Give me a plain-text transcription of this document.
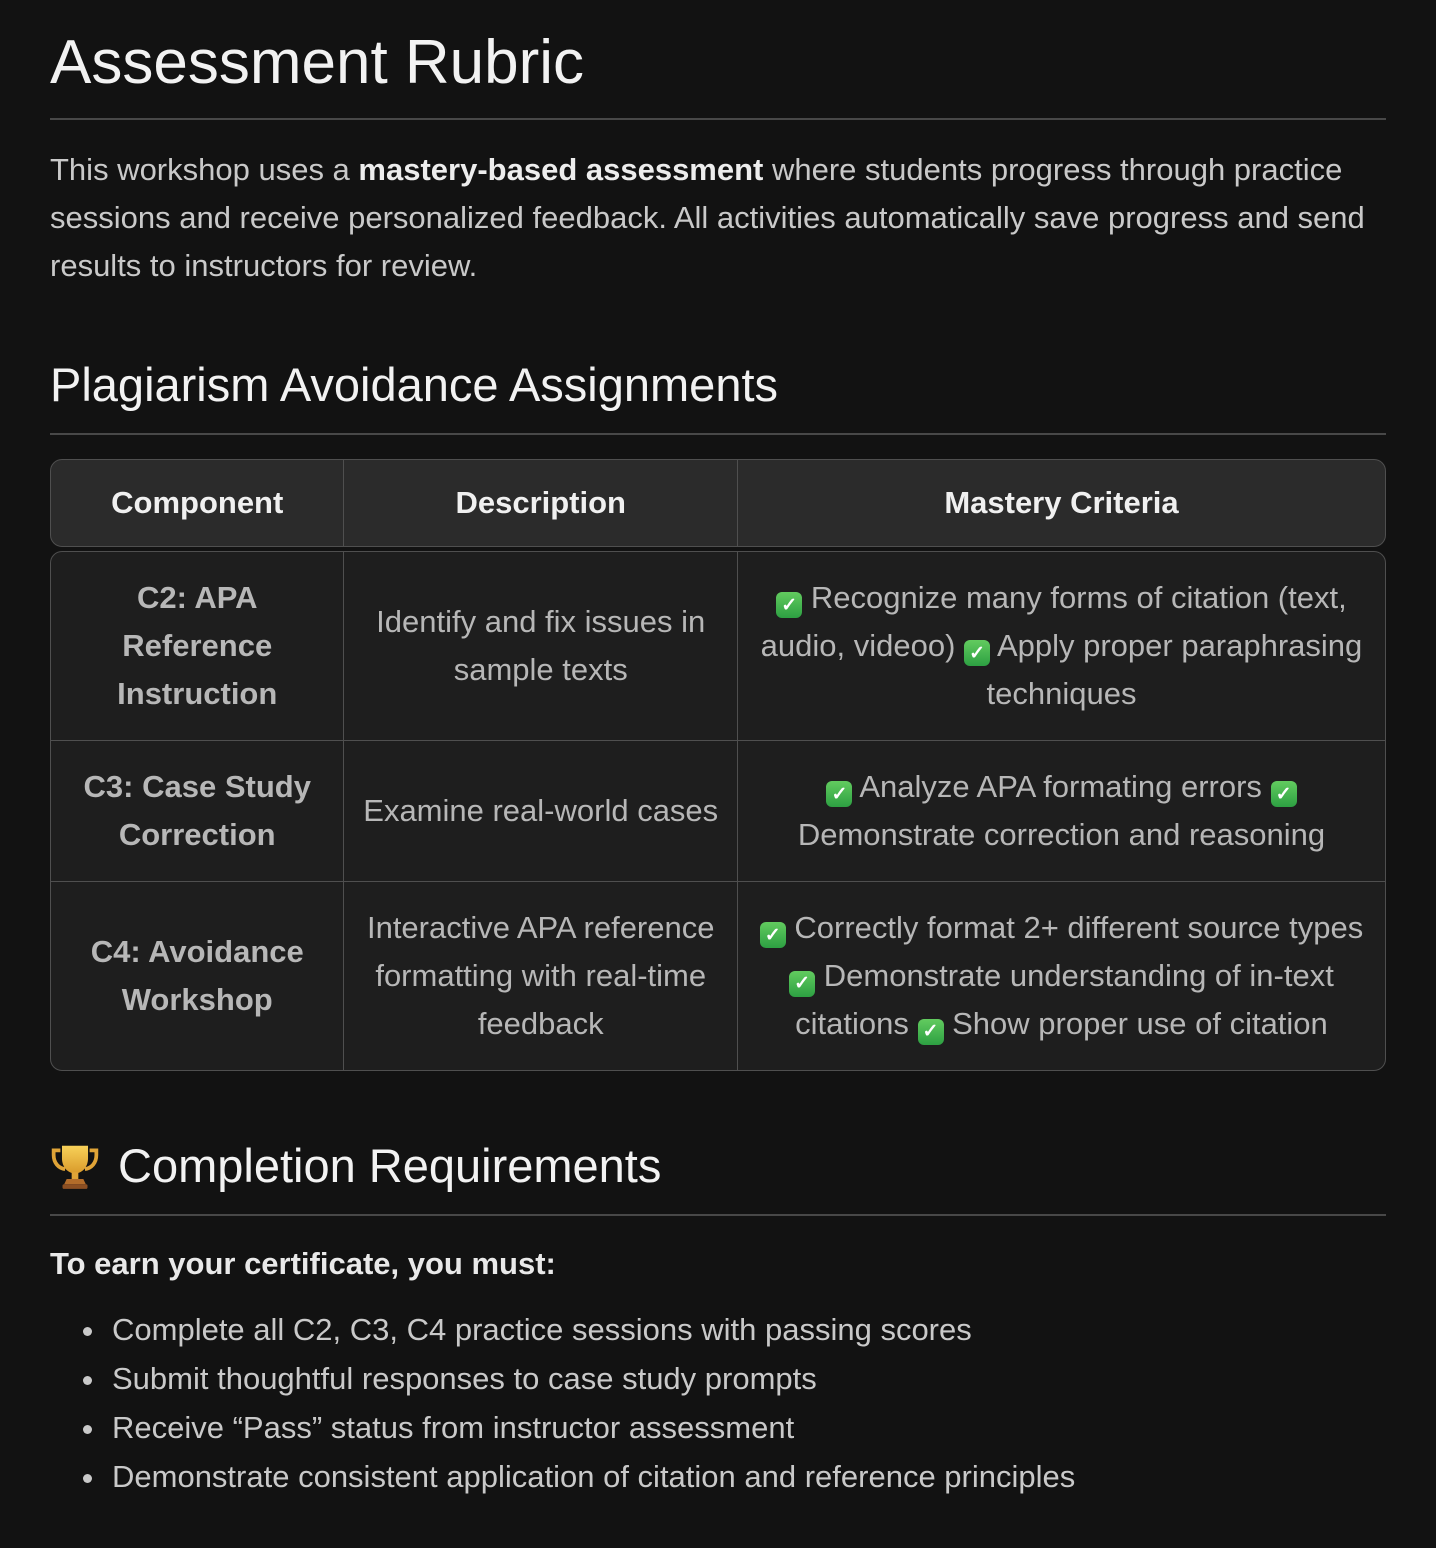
Assessment Rubric

This workshop uses a mastery-based assessment where students progress through practice sessions and receive personalized feedback. All activities automatically save progress and send results to instructors for review.

Plagiarism Avoidance Assignments
Component	Description	Mastery Criteria
C2: APA Reference Instruction	Identify and fix issues in sample texts	✓ Recognize many forms of citation (text, audio, videoo) ✓ Apply proper paraphrasing techniques
C3: Case Study Correction	Examine real-world cases	✓ Analyze APA formating errors ✓ Demonstrate correction and reasoning
C4: Avoidance Workshop	Interactive APA reference formatting with real-time feedback	✓ Correctly format 2+ different source types ✓ Demonstrate understanding of in-text citations ✓ Show proper use of citation
Completion Requirements

To earn your certificate, you must:

• Complete all C2, C3, C4 practice sessions with passing scores
• Submit thoughtful responses to case study prompts
• Receive “Pass” status from instructor assessment
• Demonstrate consistent application of citation and reference principles
